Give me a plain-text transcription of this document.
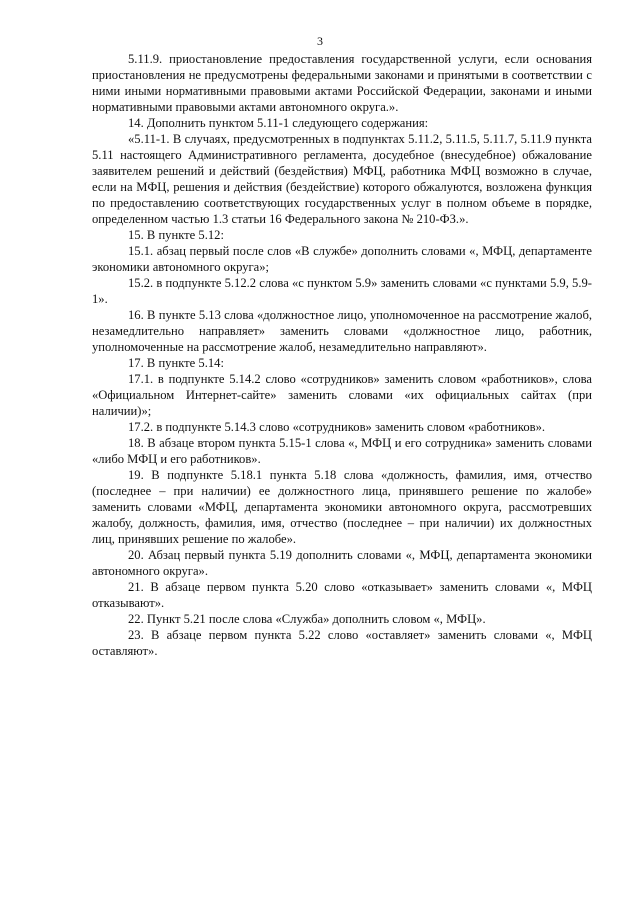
3

5.11.9. приостановление предоставления государственной услуги, если основания приостановления не предусмотрены федеральными законами и принятыми в соответствии с ними иными нормативными правовыми актами Российской Федерации, законами и иными нормативными правовыми актами автономного округа.».

14. Дополнить пунктом 5.11-1 следующего содержания:

«5.11-1. В случаях, предусмотренных в подпунктах 5.11.2, 5.11.5, 5.11.7, 5.11.9 пункта 5.11 настоящего Административного регламента, досудебное (внесудебное) обжалование заявителем решений и действий (бездействия) МФЦ, работника МФЦ возможно в случае, если на МФЦ, решения и действия (бездействие) которого обжалуются, возложена функция по предоставлению соответствующих государственных услуг в полном объеме в порядке, определенном частью 1.3 статьи 16 Федерального закона № 210-ФЗ.».

15. В пункте 5.12:

15.1. абзац первый после слов «В службе» дополнить словами «, МФЦ, департаменте экономики автономного округа»;

15.2. в подпункте 5.12.2 слова «с пунктом 5.9» заменить словами «с пунктами 5.9, 5.9-1».

16. В пункте 5.13 слова «должностное лицо, уполномоченное на рассмотрение жалоб, незамедлительно направляет» заменить словами «должностное лицо, работник, уполномоченные на рассмотрение жалоб, незамедлительно направляют».

17. В пункте 5.14:

17.1. в подпункте 5.14.2 слово «сотрудников» заменить словом «работников», слова «Официальном Интернет-сайте» заменить словами «их официальных сайтах (при наличии)»;

17.2. в подпункте 5.14.3 слово «сотрудников» заменить словом «работников».

18. В абзаце втором пункта 5.15-1 слова «, МФЦ и его сотрудника» заменить словами «либо МФЦ и его работников».

19. В подпункте 5.18.1 пункта 5.18 слова «должность, фамилия, имя, отчество (последнее – при наличии) ее должностного лица, принявшего решение по жалобе» заменить словами «МФЦ, департамента экономики автономного округа, рассмотревших жалобу, должность, фамилия, имя, отчество (последнее – при наличии) их должностных лиц, принявших решение по жалобе».

20. Абзац первый пункта 5.19 дополнить словами «, МФЦ, департамента экономики автономного округа».

21. В абзаце первом пункта 5.20 слово «отказывает» заменить словами «, МФЦ отказывают».

22. Пункт 5.21 после слова «Служба» дополнить словом «, МФЦ».

23. В абзаце первом пункта 5.22 слово «оставляет» заменить словами «, МФЦ оставляют».
